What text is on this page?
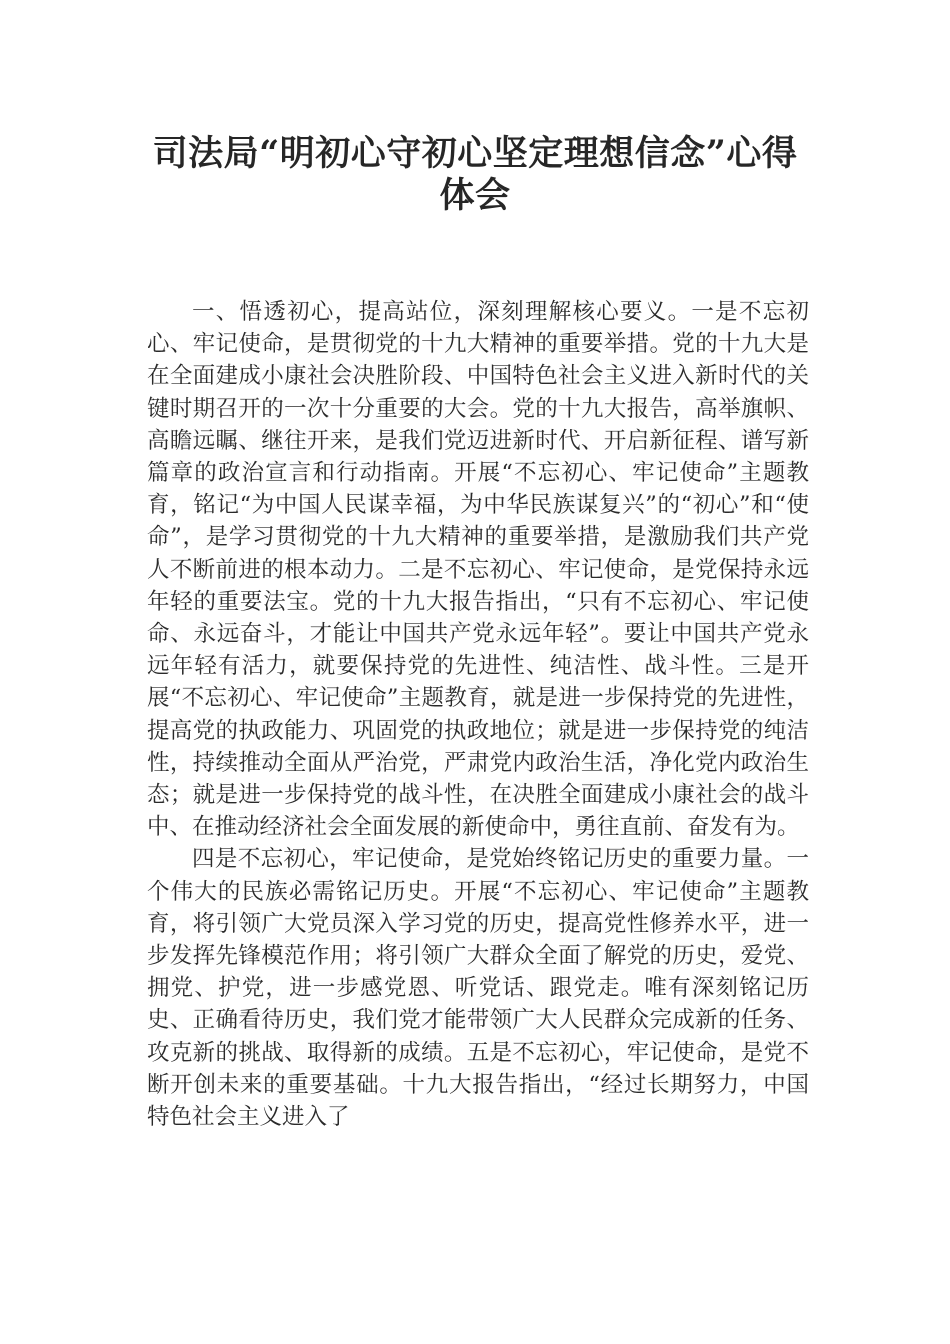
司法局“明初心守初心坚定理想信念”心得体会

一、悟透初心，提高站位，深刻理解核心要义。一是不忘初心、牢记使命，是贯彻党的十九大精神的重要举措。党的十九大是在全面建成小康社会决胜阶段、中国特色社会主义进入新时代的关键时期召开的一次十分重要的大会。党的十九大报告，高举旗帜、高瞻远瞩、继往开来，是我们党迈进新时代、开启新征程、谱写新篇章的政治宣言和行动指南。开展“不忘初心、牢记使命”主题教育，铭记“为中国人民谋幸福，为中华民族谋复兴”的“初心”和“使命”，是学习贯彻党的十九大精神的重要举措，是激励我们共产党人不断前进的根本动力。二是不忘初心、牢记使命，是党保持永远年轻的重要法宝。党的十九大报告指出，“只有不忘初心、牢记使命、永远奋斗，才能让中国共产党永远年轻”。要让中国共产党永远年轻有活力，就要保持党的先进性、纯洁性、战斗性。三是开展“不忘初心、牢记使命”主题教育，就是进一步保持党的先进性，提高党的执政能力、巩固党的执政地位；就是进一步保持党的纯洁性，持续推动全面从严治党，严肃党内政治生活，净化党内政治生态；就是进一步保持党的战斗性，在决胜全面建成小康社会的战斗中、在推动经济社会全面发展的新使命中，勇往直前、奋发有为。

四是不忘初心，牢记使命，是党始终铭记历史的重要力量。一个伟大的民族必需铭记历史。开展“不忘初心、牢记使命”主题教育，将引领广大党员深入学习党的历史，提高党性修养水平，进一步发挥先锋模范作用；将引领广大群众全面了解党的历史，爱党、拥党、护党，进一步感党恩、听党话、跟党走。唯有深刻铭记历史、正确看待历史，我们党才能带领广大人民群众完成新的任务、攻克新的挑战、取得新的成绩。五是不忘初心，牢记使命，是党不断开创未来的重要基础。十九大报告指出，“经过长期努力，中国特色社会主义进入了
